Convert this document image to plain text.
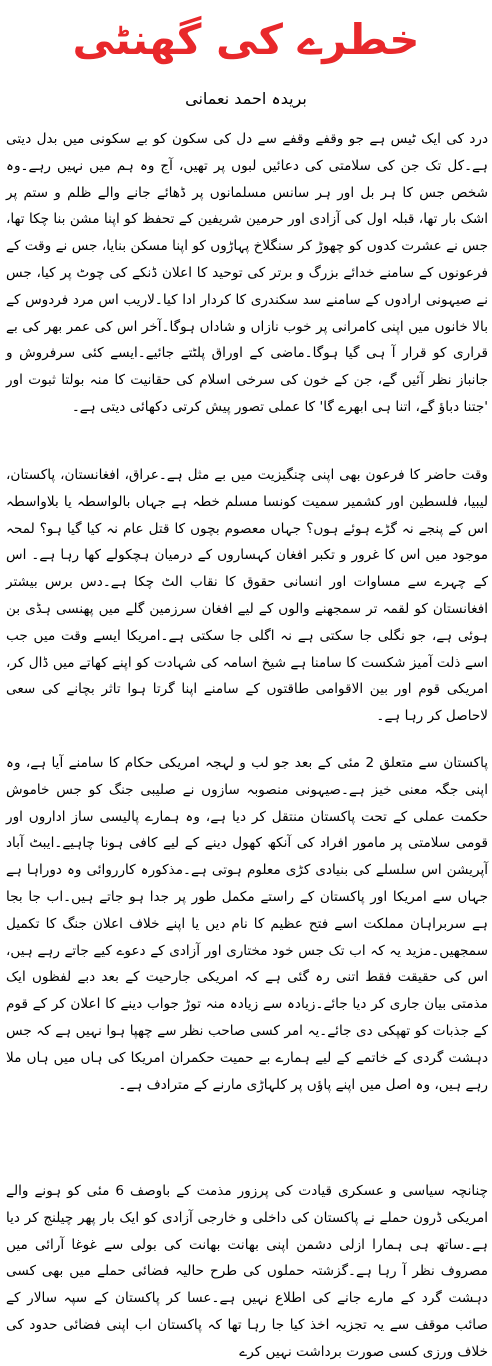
خطرے کی گھنٹی
بریدہ احمد نعمانی

درد کی ایک ٹیس ہے جو وقفے وقفے سے دل کی سکون کو بے سکونی میں بدل دیتی ہے۔کل تک جن کی سلامتی کی دعائیں لبوں پر تھیں، آج وہ ہم میں نہیں رہے۔وہ شخص جس کا ہر بل اور ہر سانس مسلمانوں پر ڈھائے جانے والے ظلم و ستم پر اشک بار تھا، قبلہ اول کی آزادی اور حرمین شریفین کے تحفظ کو اپنا مشن بنا چکا تھا، جس نے عشرت کدوں کو چھوڑ کر سنگلاخ پہاڑوں کو اپنا مسکن بنایا، جس نے وقت کے فرعونوں کے سامنے خدائے بزرگ و برتر کی توحید کا اعلان ڈنکے کی چوٹ پر کیا، جس نے صیہونی ارادوں کے سامنے سد سکندری کا کردار ادا کیا۔لاریب اس مرد فردوس کے بالا خانوں میں اپنی کامرانی پر خوب نازاں و شاداں ہوگا۔آخر اس کی عمر بھر کی بے قراری کو قرار آ ہی گیا ہوگا۔ماضی کے اوراق پلٹتے جائیے۔ایسے کئی سرفروش و جانباز نظر آئیں گے، جن کے خون کی سرخی اسلام کی حقانیت کا منہ بولتا ثبوت اور 'جتنا دباؤ گے، اتنا ہی ابھرے گا' کا عملی تصور پیش کرتی دکھائی دیتی ہے۔

وقت حاضر کا فرعون بھی اپنی چنگیزیت میں بے مثل ہے۔عراق، افغانستان، پاکستان، لیبیا، فلسطین اور کشمیر سمیت کونسا مسلم خطہ ہے جہاں بالواسطہ یا بلاواسطہ اس کے پنجے نہ گڑے ہوئے ہوں؟ جہاں معصوم بچوں کا قتل عام نہ کیا گیا ہو؟ لمحہ موجود میں اس کا غرور و تکبر افغان کہساروں کے درمیان ہچکولے کھا رہا ہے۔ اس کے چہرے سے مساوات اور انسانی حقوق کا نقاب الٹ چکا ہے۔دس برس بیشتر افغانستان کو لقمہ تر سمجھنے والوں کے لیے افغان سرزمین گلے میں پھنسی ہڈی بن ہوئی ہے، جو نگلی جا سکتی ہے نہ اگلی جا سکتی ہے۔امریکا ایسے وقت میں جب اسے ذلت آمیز شکست کا سامنا ہے شیخ اسامہ کی شہادت کو اپنے کھاتے میں ڈال کر، امریکی قوم اور بین الاقوامی طاقتوں کے سامنے اپنا گرتا ہوا تاثر بچانے کی سعی لاحاصل کر رہا ہے۔

پاکستان سے متعلق 2 مئی کے بعد جو لب و لہجہ امریکی حکام کا سامنے آیا ہے، وہ اپنی جگہ معنی خیز ہے۔صیہونی منصوبہ سازوں نے صلیبی جنگ کو جس خاموش حکمت عملی کے تحت پاکستان منتقل کر دیا ہے، وہ ہمارے پالیسی ساز اداروں اور قومی سلامتی پر مامور افراد کی آنکھ کھول دینے کے لیے کافی ہونا چاہیے۔ایبٹ آباد آپریشن اس سلسلے کی بنیادی کڑی معلوم ہوتی ہے۔مذکورہ کارروائی وہ دوراہا ہے جہاں سے امریکا اور پاکستان کے راستے مکمل طور پر جدا ہو جاتے ہیں۔اب جا بجا ہے سربراہان مملکت اسے فتح عظیم کا نام دیں یا اپنے خلاف اعلان جنگ کا تکمیل سمجھیں۔مزید یہ کہ اب تک جس خود مختاری اور آزادی کے دعوے کیے جاتے رہے ہیں، اس کی حقیقت فقط اتنی رہ گئی ہے کہ امریکی جارحیت کے بعد دبے لفظوں ایک مذمتی بیان جاری کر دیا جائے۔زیادہ سے زیادہ منہ توڑ جواب دینے کا اعلان کر کے قوم کے جذبات کو تھپکی دی جائے۔یہ امر کسی صاحب نظر سے چھپا ہوا نہیں ہے کہ جس دہشت گردی کے خاتمے کے لیے ہمارے بے حمیت حکمران امریکا کی ہاں میں ہاں ملا رہے ہیں، وہ اصل میں اپنے پاؤں پر کلہاڑی مارنے کے مترادف ہے۔

چنانچہ سیاسی و عسکری قیادت کی پرزور مذمت کے باوصف 6 مئی کو ہونے والے امریکی ڈرون حملے نے پاکستان کی داخلی و خارجی آزادی کو ایک بار پھر چیلنج کر دیا ہے۔ساتھ ہی ہمارا ازلی دشمن اپنی بھانت بھانت کی بولی سے غوغا آرائی میں مصروف نظر آ رہا ہے۔گزشتہ حملوں کی طرح حالیہ فضائی حملے میں بھی کسی دہشت گرد کے مارے جانے کی اطلاع نہیں ہے۔عسا کر پاکستان کے سپہ سالار کے صائب موقف سے یہ تجزیہ اخذ کیا جا رہا تھا کہ پاکستان اب اپنی فضائی حدود کی خلاف ورزی کسی صورت برداشت نہیں کرے
